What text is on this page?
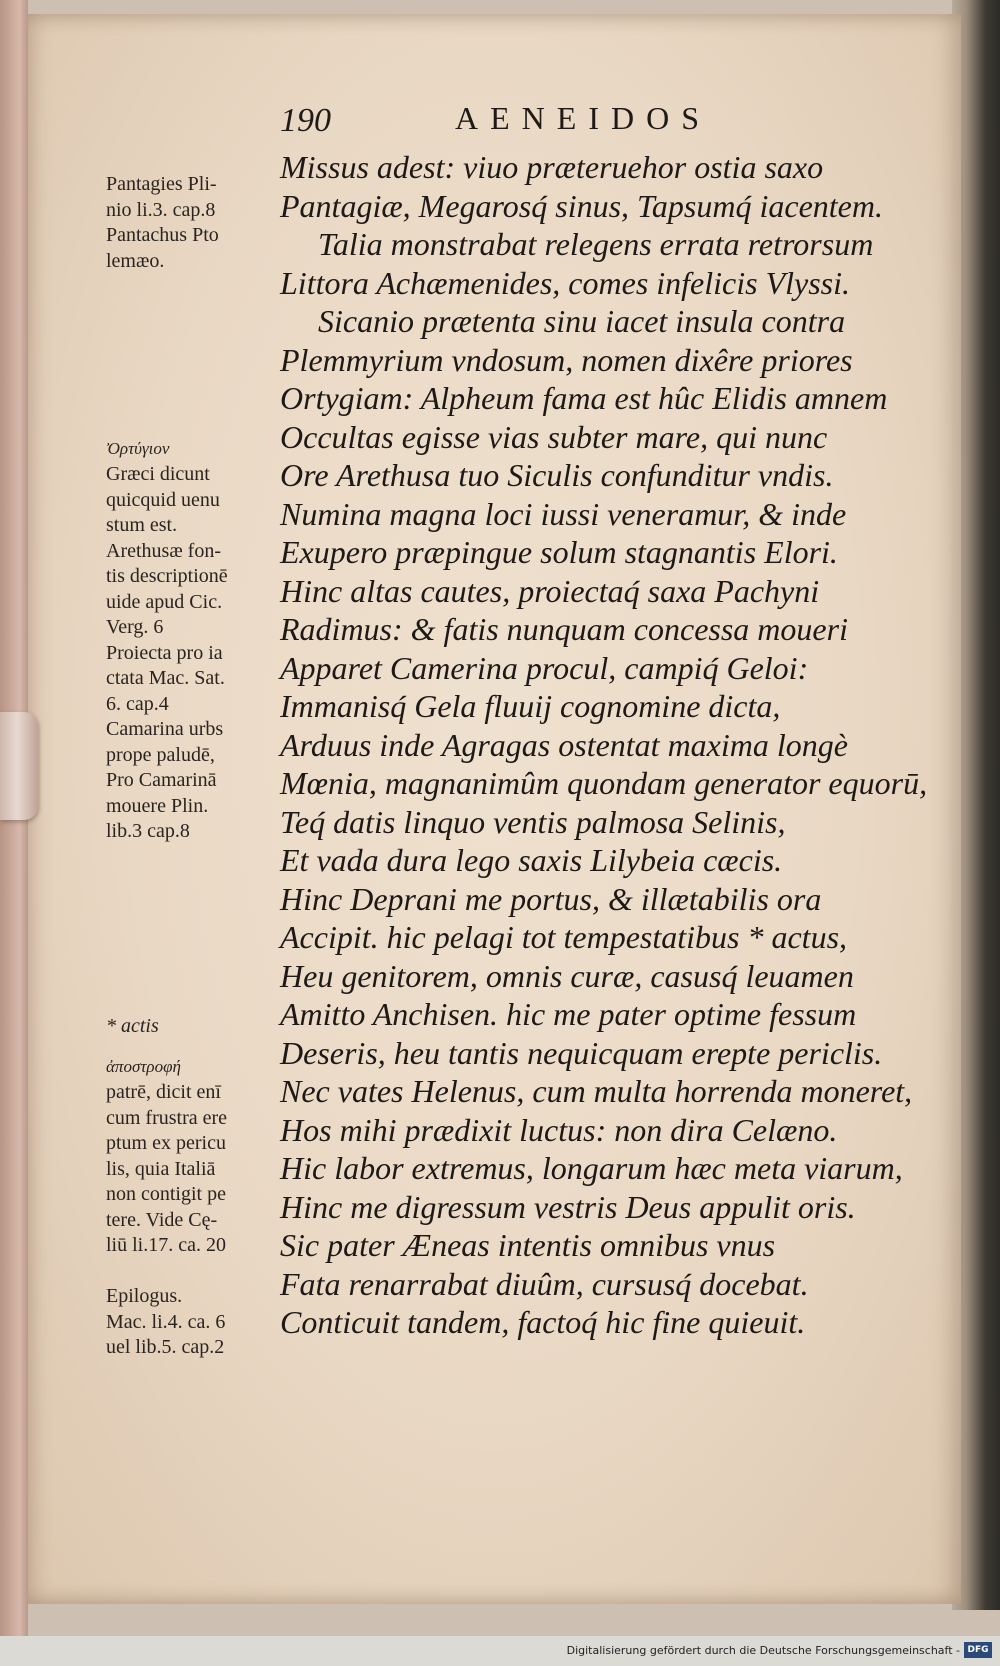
190	AENEIDOS
Missus adest: viuo præteruehor ostia saxo
Pantagiæ, Megarosq́ sinus, Tapsumq́ iacentem.
Talia monstrabat relegens errata retrorsum
Littora Achæmenides, comes infelicis Vlyssi.
Sicanio prætenta sinu iacet insula contra
Plemmyrium vndosum, nomen dixêre priores
Ortygiam: Alpheum fama est hûc Elidis amnem
Occultas egisse vias subter mare, qui nunc
Ore Arethusa tuo Siculis confunditur vndis.
Numina magna loci iussi veneramur, & inde
Exupero præpingue solum stagnantis Elori.
Hinc altas cautes, proiectaq́ saxa Pachyni
Radimus: & fatis nunquam concessa moueri
Apparet Camerina procul, campiq́ Geloi:
Immanisq́ Gela fluuij cognomine dicta,
Arduus inde Agragas ostentat maxima longè
Mœnia, magnanimûm quondam generator equorū,
Teq́ datis linquo ventis palmosa Selinis,
Et vada dura lego saxis Lilybeia cæcis.
Hinc Deprani me portus, & illætabilis ora
Accipit. hic pelagi tot tempestatibus * actus,
Heu genitorem, omnis curæ, casusq́ leuamen
Amitto Anchisen. hic me pater optime fessum
Deseris, heu tantis nequicquam erepte periclis.
Nec vates Helenus, cum multa horrenda moneret,
Hos mihi prædixit luctus: non dira Celæno.
Hic labor extremus, longarum hæc meta viarum,
Hinc me digressum vestris Deus appulit oris.
Sic pater Æneas intentis omnibus vnus
Fata renarrabat diuûm, cursusq́ docebat.
Conticuit tandem, factoq́ hic fine quieuit.
Pantagies Pli-
nio li.3. cap.8
Pantachus Pto
lemæo.
Ὀρτύγιον
Græci dicunt
quicquid uenu
stum est.
Arethusæ fon-
tis descriptionē
uide apud Cic.
Verg. 6
Proiecta pro ia
ctata Mac. Sat.
6. cap.4
Camarina urbs
prope paludē,
Pro Camarinā
mouere Plin.
lib.3 cap.8
* actis
ἀποστροφή
patrē, dicit enī
cum frustra ere
ptum ex pericu
lis, quia Italiā
non contigit pe
tere. Vide Cę-
liū li.17. ca. 20
Epilogus.
Mac. li.4. ca. 6
uel lib.5. cap.2
Digitalisierung gefördert durch die Deutsche Forschungsgemeinschaft - DFG
